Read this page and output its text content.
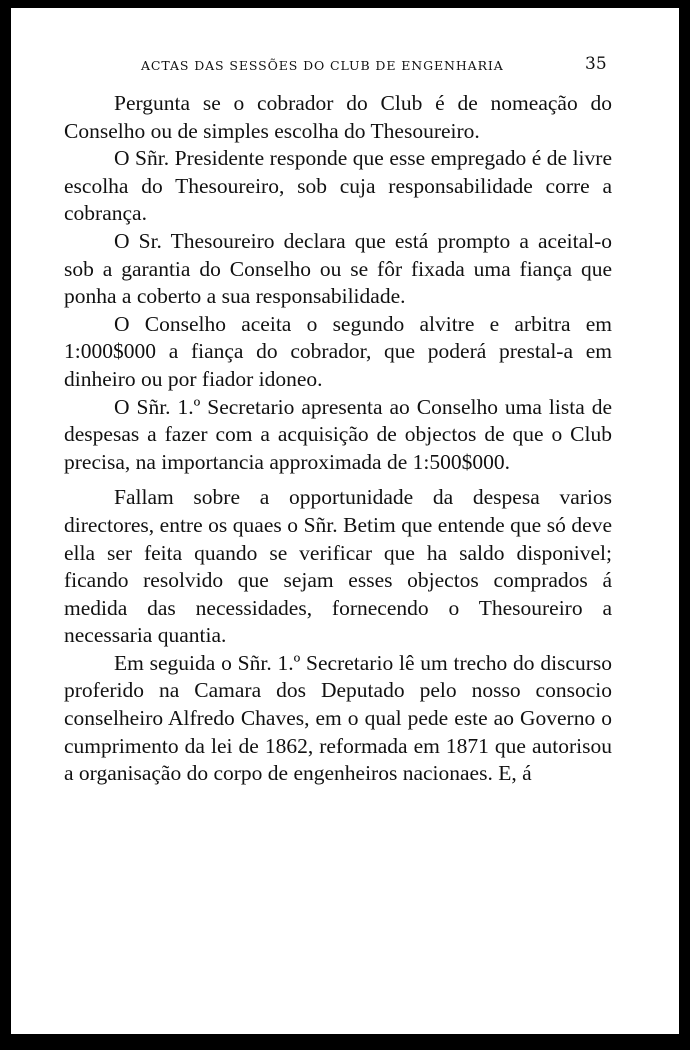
ACTAS DAS SESSÕES DO CLUB DE ENGENHARIA	35

Pergunta se o cobrador do Club é de nomeação do Conselho ou de simples escolha do Thesoureiro.

O Sñr. Presidente responde que esse empregado é de livre escolha do Thesoureiro, sob cuja responsabilidade corre a cobrança.

O Sr. Thesoureiro declara que está prompto a aceital-o sob a garantia do Conselho ou se fôr fixada uma fiança que ponha a coberto a sua responsabilidade.

O Conselho aceita o segundo alvitre e arbitra em 1:000$000 a fiança do cobrador, que poderá prestal-a em dinheiro ou por fiador idoneo.

O Sñr. 1.º Secretario apresenta ao Conselho uma lista de despesas a fazer com a acquisição de objectos de que o Club precisa, na importancia approximada de 1:500$000.

Fallam sobre a opportunidade da despesa varios directores, entre os quaes o Sñr. Betim que entende que só deve ella ser feita quando se verificar que ha saldo disponivel; ficando resolvido que sejam esses objectos comprados á medida das necessidades, fornecendo o Thesoureiro a necessaria quantia.

Em seguida o Sñr. 1.º Secretario lê um trecho do discurso proferido na Camara dos Deputado pelo nosso consocio conselheiro Alfredo Chaves, em o qual pede este ao Governo o cumprimento da lei de 1862, reformada em 1871 que autorisou a organisação do corpo de engenheiros nacionaes. E, á
